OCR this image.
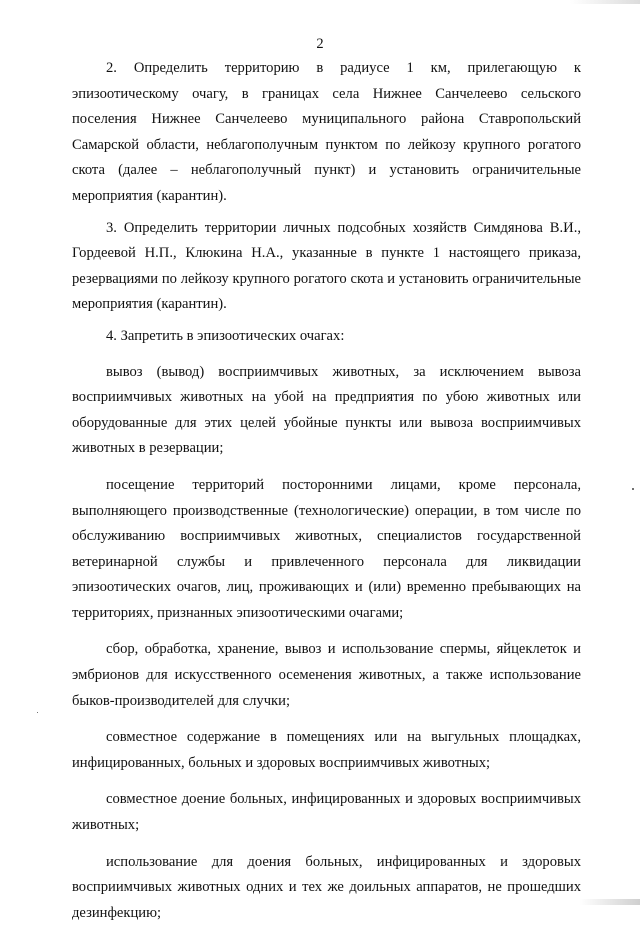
2

2. Определить территорию в радиусе 1 км, прилегающую к эпизоотическому очагу, в границах села Нижнее Санчелеево сельского поселения Нижнее Санчелеево муниципального района Ставропольский Самарской области, неблагополучным пунктом по лейкозу крупного рогатого скота (далее – неблагополучный пункт) и установить ограничительные мероприятия (карантин).

3. Определить территории личных подсобных хозяйств Симдянова В.И., Гордеевой Н.П., Клюкина Н.А., указанные в пункте 1 настоящего приказа, резервациями по лейкозу крупного рогатого скота и установить ограничительные мероприятия (карантин).

4. Запретить в эпизоотических очагах:

вывоз (вывод) восприимчивых животных, за исключением вывоза восприимчивых животных на убой на предприятия по убою животных или оборудованные для этих целей убойные пункты или вывоза восприимчивых животных в резервации;

посещение территорий посторонними лицами, кроме персонала, выполняющего производственные (технологические) операции, в том числе по обслуживанию восприимчивых животных, специалистов государственной ветеринарной службы и привлеченного персонала для ликвидации эпизоотических очагов, лиц, проживающих и (или) временно пребывающих на территориях, признанных эпизоотическими очагами;

сбор, обработка, хранение, вывоз и использование спермы, яйцеклеток и эмбрионов для искусственного осеменения животных, а также использование быков-производителей для случки;

совместное содержание в помещениях или на выгульных площадках, инфицированных, больных и здоровых восприимчивых животных;

совместное доение больных, инфицированных и здоровых восприимчивых животных;

использование для доения больных, инфицированных и здоровых восприимчивых животных одних и тех же доильных аппаратов, не прошедших дезинфекцию;
